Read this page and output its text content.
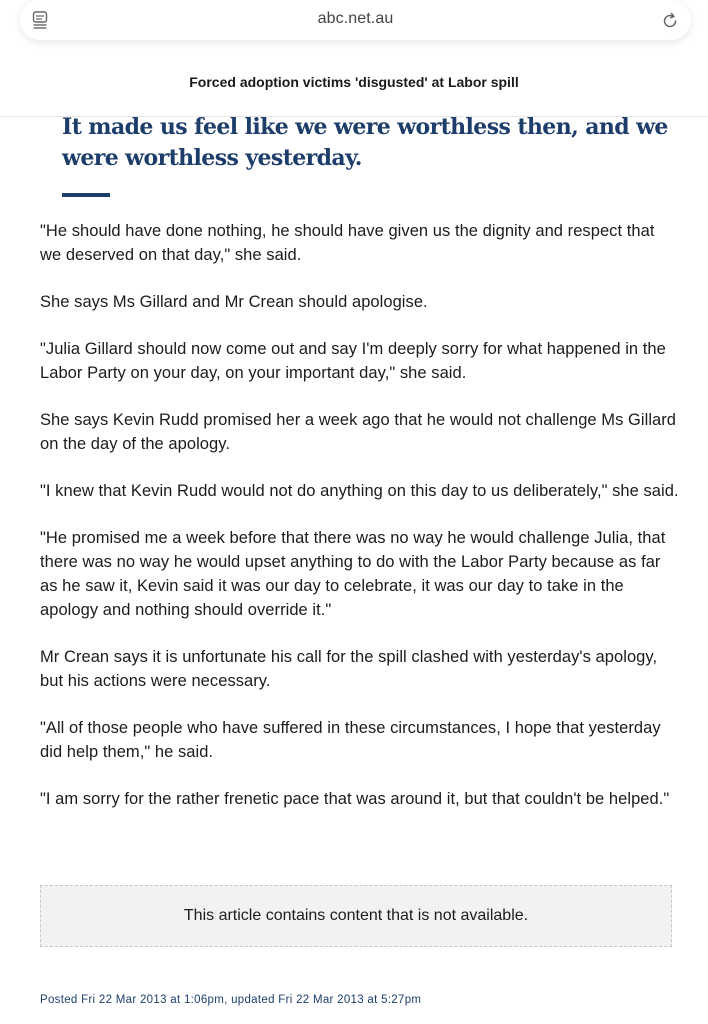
abc.net.au
Forced adoption victims 'disgusted' at Labor spill
It made us feel like we were worthless then, and we were worthless yesterday.

"He should have done nothing, he should have given us the dignity and respect that we deserved on that day," she said.

She says Ms Gillard and Mr Crean should apologise.

"Julia Gillard should now come out and say I'm deeply sorry for what happened in the Labor Party on your day, on your important day," she said.

She says Kevin Rudd promised her a week ago that he would not challenge Ms Gillard on the day of the apology.

"I knew that Kevin Rudd would not do anything on this day to us deliberately," she said.

"He promised me a week before that there was no way he would challenge Julia, that there was no way he would upset anything to do with the Labor Party because as far as he saw it, Kevin said it was our day to celebrate, it was our day to take in the apology and nothing should override it."

Mr Crean says it is unfortunate his call for the spill clashed with yesterday's apology, but his actions were necessary.

"All of those people who have suffered in these circumstances, I hope that yesterday did help them," he said.

"I am sorry for the rather frenetic pace that was around it, but that couldn't be helped."

This article contains content that is not available.
Posted Fri 22 Mar 2013 at 1:06pm, updated Fri 22 Mar 2013 at 5:27pm
